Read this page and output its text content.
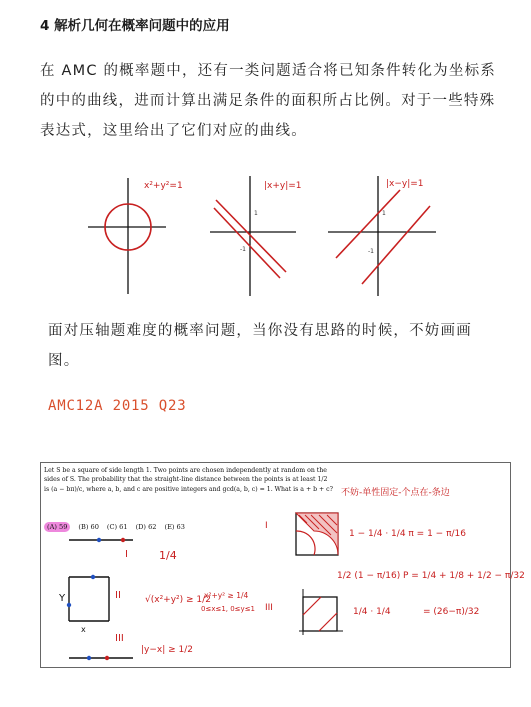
4 解析几何在概率问题中的应用
在 AMC 的概率题中，还有一类问题适合将已知条件转化为坐标系的中的曲线，进而计算出满足条件的面积所占比例。对于一些特殊表达式，这里给出了它们对应的曲线。
x²+y²=1	|x+y|=1
1
-1
|x−y|=1
1
-1
面对压轴题难度的概率问题，当你没有思路的时候，不妨画画图。
AMC12A 2015 Q23
Let S be a square of side length 1. Two points are chosen independently at random on the sides of S. The probability that the straight-line distance between the points is at least 1/2 is (a − bπ)/c, where a, b, and c are positive integers and gcd(a, b, c) = 1. What is a + b + c?
(A) 59 (B) 60 (C) 61 (D) 62 (E) 63
不妨-单性固定-个点在-条边
I
II
III
Y
x
1/4
√(x²+y²) ≥ 1/2
x²+y² ≥ 1/4
0≤x≤1, 0≤y≤1
|y−x| ≥ 1/2
I
III
1 − 1/4 · 1/4 π = 1 − π/16
1/2 (1 − π/16) P = 1/4 + 1/8 + 1/2 − π/32
1/4 · 1/4	= (26−π)/32
